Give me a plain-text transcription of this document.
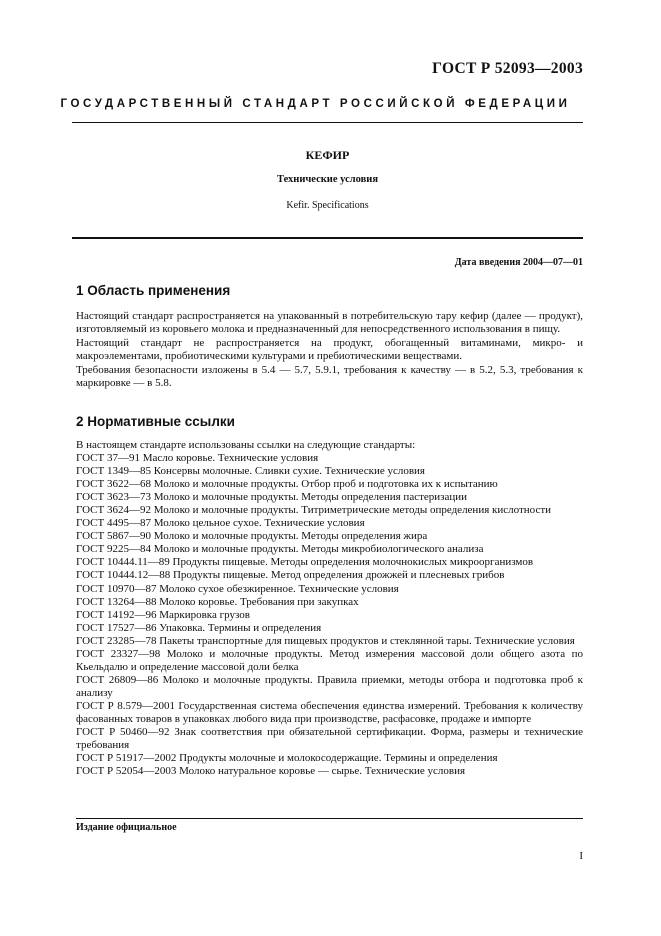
ГОСТ Р 52093—2003
ГОСУДАРСТВЕННЫЙ СТАНДАРТ РОССИЙСКОЙ ФЕДЕРАЦИИ
КЕФИР
Технические условия
Kefir. Specifications
Дата введения 2004—07—01
1 Область применения

Настоящий стандарт распространяется на упакованный в потребительскую тару кефир (далее — продукт), изготовляемый из коровьего молока и предназначенный для непосредственного использования в пищу.

Настоящий стандарт не распространяется на продукт, обогащенный витаминами, микро- и макроэлементами, пробиотическими культурами и пребиотическими веществами.

Требования безопасности изложены в 5.4 — 5.7, 5.9.1, требования к качеству — в 5.2, 5.3, требования к маркировке — в 5.8.

2 Нормативные ссылки
В настоящем стандарте использованы ссылки на следующие стандарты:
ГОСТ 37—91 Масло коровье. Технические условия
ГОСТ 1349—85 Консервы молочные. Сливки сухие. Технические условия
ГОСТ 3622—68 Молоко и молочные продукты. Отбор проб и подготовка их к испытанию
ГОСТ 3623—73 Молоко и молочные продукты. Методы определения пастеризации
ГОСТ 3624—92 Молоко и молочные продукты. Титриметрические методы определения кислотности
ГОСТ 4495—87 Молоко цельное сухое. Технические условия
ГОСТ 5867—90 Молоко и молочные продукты. Методы определения жира
ГОСТ 9225—84 Молоко и молочные продукты. Методы микробиологического анализа
ГОСТ 10444.11—89 Продукты пищевые. Методы определения молочнокислых микроорганизмов
ГОСТ 10444.12—88 Продукты пищевые. Метод определения дрожжей и плесневых грибов
ГОСТ 10970—87 Молоко сухое обезжиренное. Технические условия
ГОСТ 13264—88 Молоко коровье. Требования при закупках
ГОСТ 14192—96 Маркировка грузов
ГОСТ 17527—86 Упаковка. Термины и определения
ГОСТ 23285—78 Пакеты транспортные для пищевых продуктов и стеклянной тары. Технические условия
ГОСТ 23327—98 Молоко и молочные продукты. Метод измерения массовой доли общего азота по Кьельдалю и определение массовой доли белка
ГОСТ 26809—86 Молоко и молочные продукты. Правила приемки, методы отбора и подготовка проб к анализу
ГОСТ Р 8.579—2001 Государственная система обеспечения единства измерений. Требования к количеству фасованных товаров в упаковках любого вида при производстве, расфасовке, продаже и импорте
ГОСТ Р 50460—92 Знак соответствия при обязательной сертификации. Форма, размеры и технические требования
ГОСТ Р 51917—2002 Продукты молочные и молокосодержащие. Термины и определения
ГОСТ Р 52054—2003 Молоко натуральное коровье — сырье. Технические условия
Издание официальное
I
